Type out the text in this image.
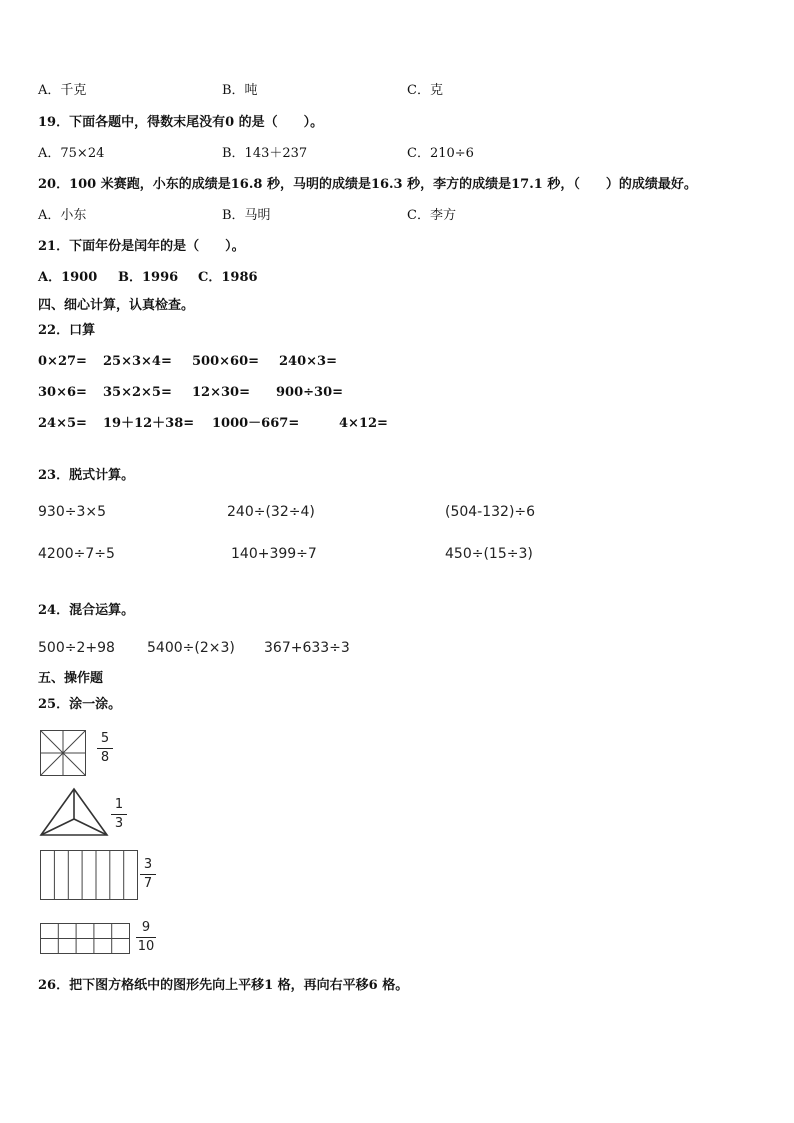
A．千克	B．吨	C．克
19．下面各题中，得数末尾没有0 的是（　　）。
A．75×24	B．143＋237	C．210÷6
20．100 米赛跑，小东的成绩是16.8 秒，马明的成绩是16.3 秒，李方的成绩是17.1 秒，（　　）的成绩最好。
A．小东	B．马明	C．李方
21．下面年份是闰年的是（　　）。
A．1900 B．1996 C．1986
四、细心计算，认真检查。
22．口算
0×27= 25×3×4= 500×60= 240×3=
30×6= 35×2×5= 12×30= 900÷30=
24×5= 19＋12＋38= 1000－667=	4×12=
23．脱式计算。
930÷3×5	240÷(32÷4)	(504-132)÷6
4200÷7÷5	140+399÷7	450÷(15÷3)
24．混合运算。
500÷2+98 5400÷(2×3) 367+633÷3
五、操作题
25．涂一涂。
5
8
1
3
3
7
9
10
26．把下图方格纸中的图形先向上平移1 格，再向右平移6 格。
